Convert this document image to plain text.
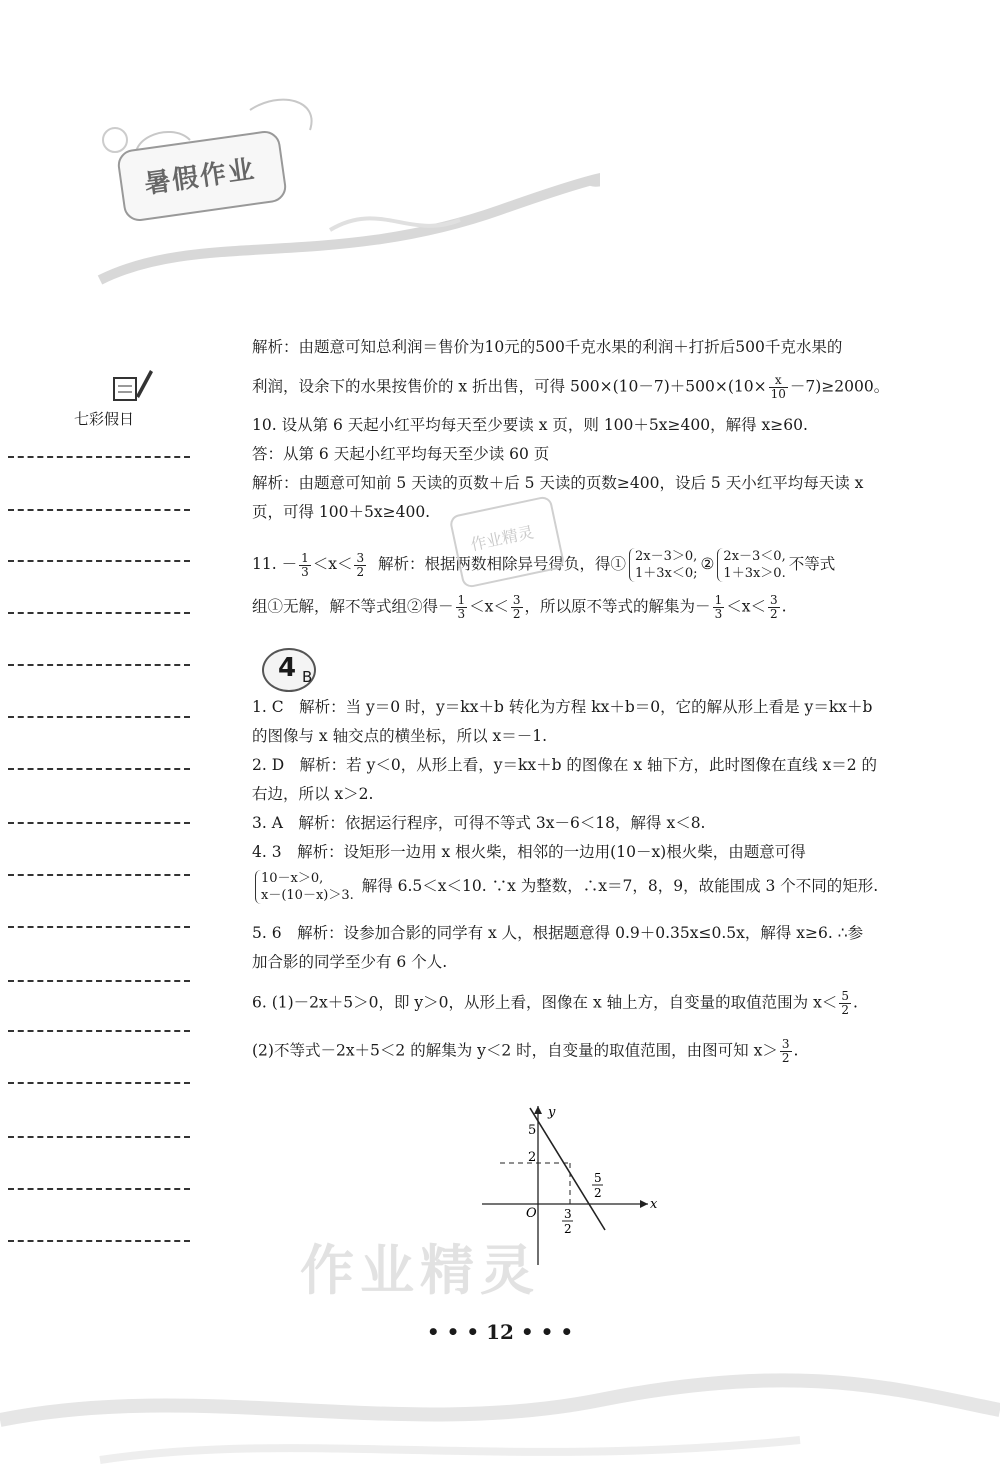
暑假作业
七彩假日
解析：由题意可知总利润＝售价为10元的500千克水果的利润＋打折后500千克水果的
利润，设余下的水果按售价的 x 折出售，可得 $500\times(10-7)+500\times(10\times \frac{x}{10} -7)\ge 2000$。
10. 设从第 6 天起小红平均每天至少要读 x 页，则 100＋5x≥400，解得 x≥60.
答：从第 6 天起小红平均每天至少读 60 页
解析：由题意可知前 5 天读的页数＋后 5 天读的页数≥400，设后 5 天小红平均每天读 x
页，可得 100＋5x≥400.
11. － $\frac{1}{3} <x< \frac{3}{2}$ 解析：根据两数相除异号得负，得① 2x－3＞0,
1＋3x＜0;
② 2x－3＜0,
1＋3x＞0.
不等式
组①无解，解不等式组②得－ $\frac{1}{3} <x< \frac{3}{2}$ ，所以原不等式的解集为－ $\frac{1}{3} <x< \frac{3}{2}$ .
作业精灵
4 B
1. C　解析：当 y＝0 时，y＝kx＋b 转化为方程 kx＋b＝0，它的解从形上看是 y＝kx＋b
的图像与 x 轴交点的横坐标，所以 x＝－1.
2. D　解析：若 y＜0，从形上看，y＝kx＋b 的图像在 x 轴下方，此时图像在直线 x＝2 的
右边，所以 x＞2.
3. A　解析：依据运行程序，可得不等式 3x－6＜18，解得 x＜8.
4. 3　解析：设矩形一边用 x 根火柴，相邻的一边用(10－x)根火柴，由题意可得
10－x＞0,
x－(10－x)＞3.
解得 6.5＜x＜10. ∵x 为整数，∴x＝7，8，9，故能围成 3 个不同的矩形.
5. 6　解析：设参加合影的同学有 x 人，根据题意得 0.9＋0.35x≤0.5x，解得 x≥6. ∴参
加合影的同学至少有 6 个人.
6. (1)－2x＋5＞0，即 y＞0，从形上看，图像在 x 轴上方，自变量的取值范围为 $x< \frac{5}{2}$ .
(2)不等式－2x＋5＜2 的解集为 y＜2 时，自变量的取值范围，由图可知 $x> \frac{3}{2}$ .
y
x
O
5
2
5
2
3
2
作业精灵
• • • 12 • • •
